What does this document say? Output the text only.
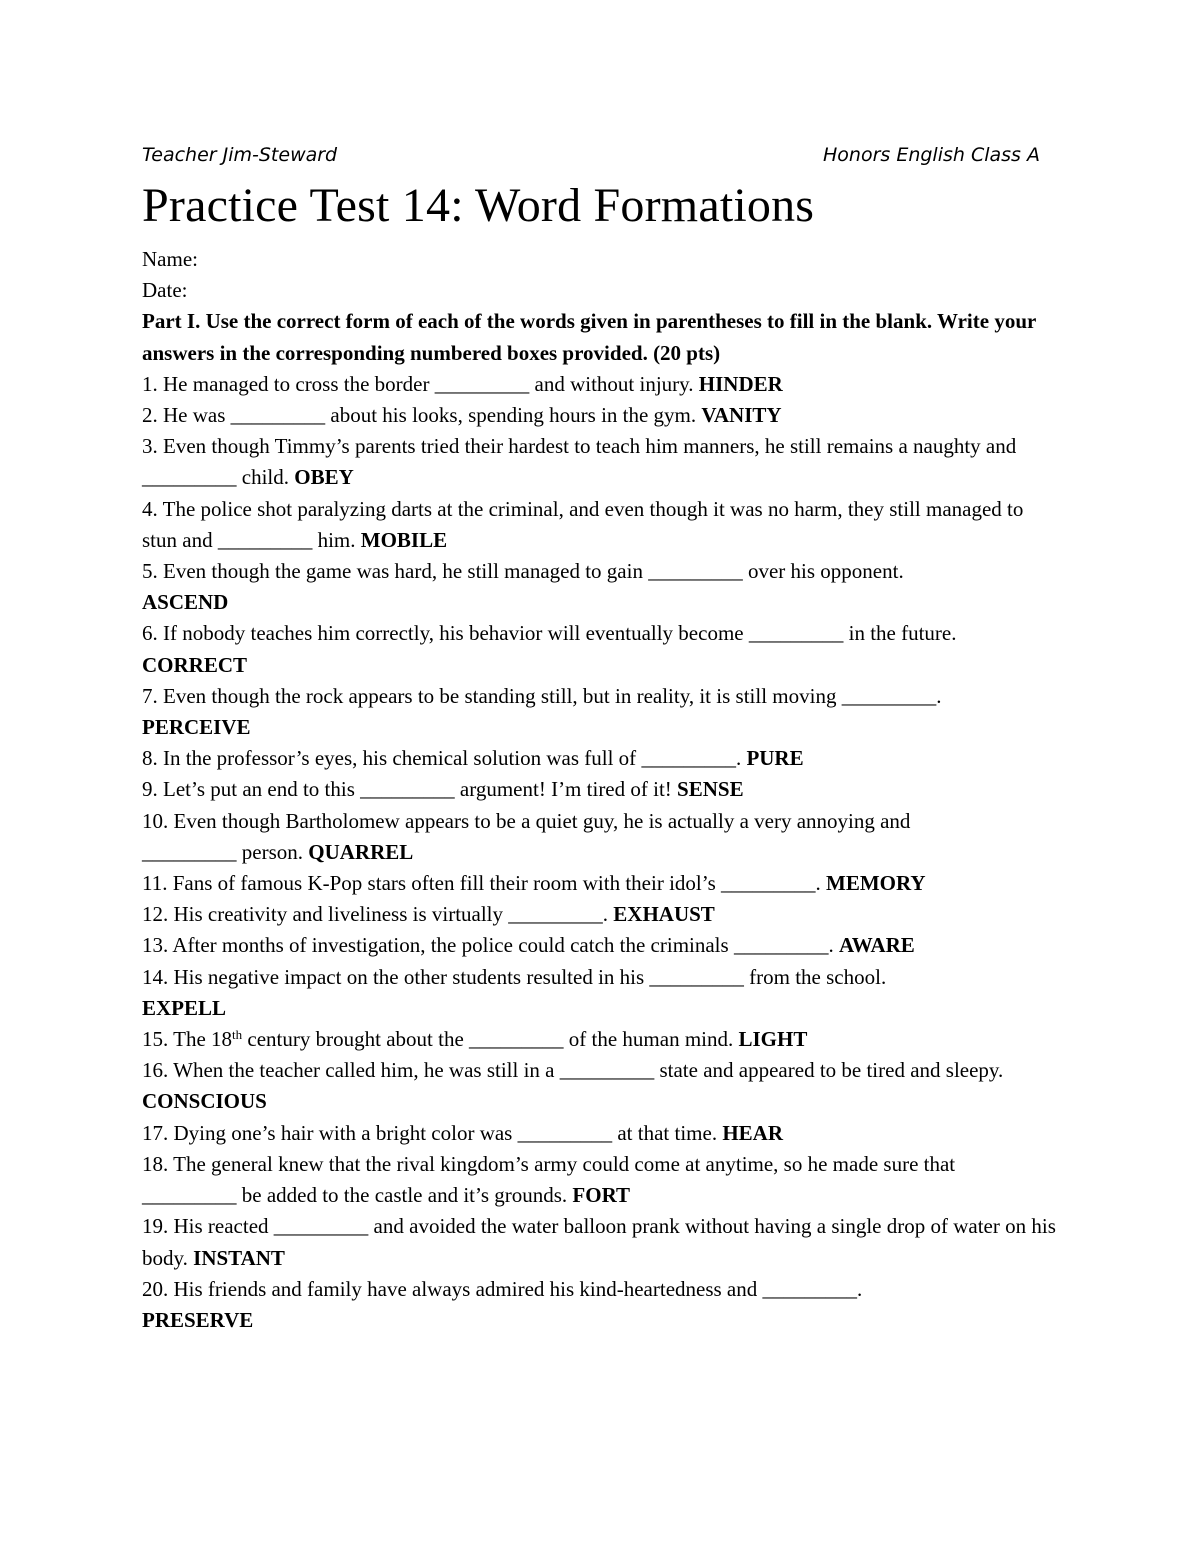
Teacher Jim-Steward	Honors English Class A
Practice Test 14: Word Formations

Name:

Date:

Part I. Use the correct form of each of the words given in parentheses to fill in the blank. Write your answers in the corresponding numbered boxes provided. (20 pts)

1. He managed to cross the border _________ and without injury. HINDER

2. He was _________ about his looks, spending hours in the gym. VANITY

3. Even though Timmy’s parents tried their hardest to teach him manners, he still remains a naughty and _________ child. OBEY

4. The police shot paralyzing darts at the criminal, and even though it was no harm, they still managed to stun and _________ him. MOBILE

5. Even though the game was hard, he still managed to gain _________ over his opponent.
ASCEND

6. If nobody teaches him correctly, his behavior will eventually become _________ in the future.
CORRECT

7. Even though the rock appears to be standing still, but in reality, it is still moving _________.
PERCEIVE

8. In the professor’s eyes, his chemical solution was full of _________. PURE

9. Let’s put an end to this _________ argument! I’m tired of it! SENSE

10. Even though Bartholomew appears to be a quiet guy, he is actually a very annoying and
_________ person. QUARREL

11. Fans of famous K-Pop stars often fill their room with their idol’s _________. MEMORY

12. His creativity and liveliness is virtually _________. EXHAUST

13. After months of investigation, the police could catch the criminals _________. AWARE

14. His negative impact on the other students resulted in his _________ from the school.
EXPELL

15. The 18th century brought about the _________ of the human mind. LIGHT

16. When the teacher called him, he was still in a _________ state and appeared to be tired and sleepy. CONSCIOUS

17. Dying one’s hair with a bright color was _________ at that time. HEAR

18. The general knew that the rival kingdom’s army could come at anytime, so he made sure that
_________ be added to the castle and it’s grounds. FORT

19. His reacted _________ and avoided the water balloon prank without having a single drop of water on his body. INSTANT

20. His friends and family have always admired his kind-heartedness and _________.
PRESERVE
